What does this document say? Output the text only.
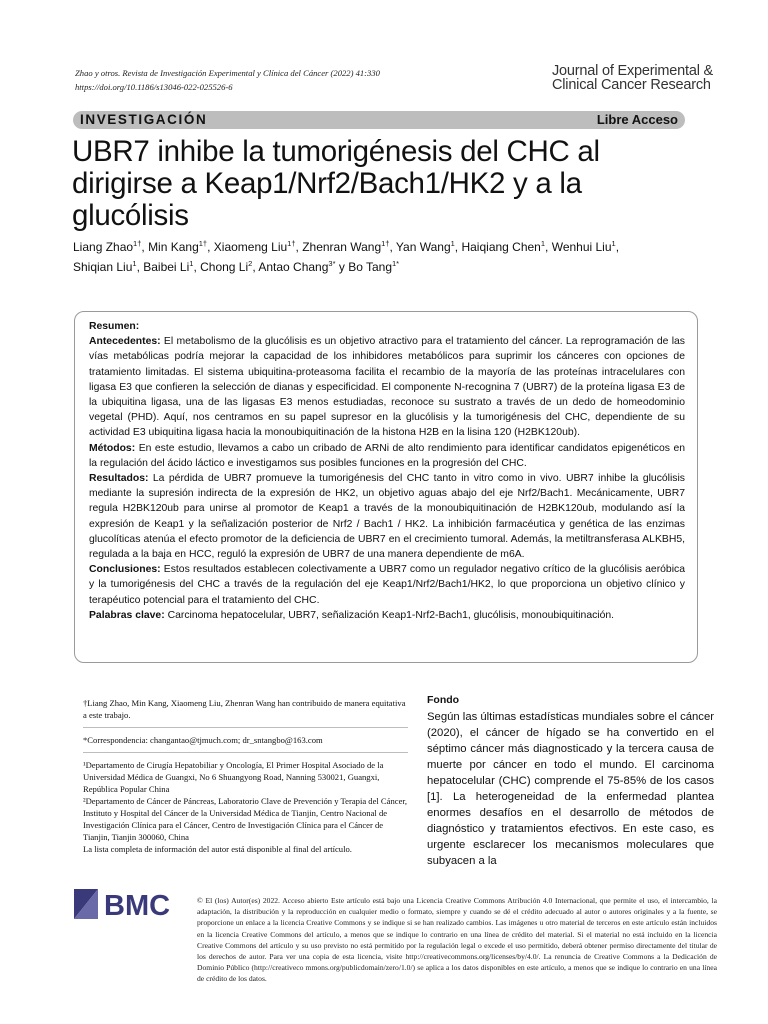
Zhao y otros. Revista de Investigación Experimental y Clínica del Cáncer (2022) 41:330
https://doi.org/10.1186/s13046-022-02552​6-6
Journal of Experimental &
Clinical Cancer Research
INVESTIGACIÓN	Libre Acceso
UBR7 inhibe la tumorigénesis del CHC al dirigirse a Keap1/Nrf2/Bach1/HK2 y a la glucólisis
Liang Zhao$^{1\dagger}$, Min Kang$^{1\dagger}$, Xiaomeng Liu$^{1\dagger}$, Zhenran Wang$^{1\dagger}$, Yan Wang$^1$, Haiqiang Chen$^1$, Wenhui Liu$^1$,
Shiqian Liu$^1$, Baibei Li$^1$, Chong Li$^2$, Antao Chang$^{3*}$ y Bo Tang$^{1*}$

Resumen:

Antecedentes: El metabolismo de la glucólisis es un objetivo atractivo para el tratamiento del cáncer. La reprogramación de las vías metabólicas podría mejorar la capacidad de los inhibidores metabólicos para suprimir los cánceres con opciones de tratamiento limitadas. El sistema ubiquitina-proteasoma facilita el recambio de la mayoría de las proteínas intracelulares con ligasa E3 que confieren la selección de dianas y especificidad. El componente N-recognina 7 (UBR7) de la proteína ligasa E3 de la ubiquitina ligasa, una de las ligasas E3 menos estudiadas, reconoce su sustrato a través de un dedo de homeodominio vegetal (PHD). Aquí, nos centramos en su papel supresor en la glucólisis y la tumorigénesis del CHC, dependiente de su actividad E3 ubiquitina ligasa hacia la monoubiquitinación de la histona H2B en la lisina 120 (H2BK120ub).

Métodos: En este estudio, llevamos a cabo un cribado de ARNi de alto rendimiento para identificar candidatos epigenéticos en la regulación del ácido láctico e investigamos sus posibles funciones en la progresión del CHC.

Resultados: La pérdida de UBR7 promueve la tumorigénesis del CHC tanto in vitro como in vivo. UBR7 inhibe la glucólisis mediante la supresión indirecta de la expresión de HK2, un objetivo aguas abajo del eje Nrf2/Bach1. Mecánicamente, UBR7 regula H2BK120ub para unirse al promotor de Keap1 a través de la monoubiquitinación de H2BK120ub, modulando así la expresión de Keap1 y la señalización posterior de Nrf2 / Bach1 / HK2. La inhibición farmacéutica y genética de las enzimas glucolíticas atenúa el efecto promotor de la deficiencia de UBR7 en el crecimiento tumoral. Además, la metiltransferasa ALKBH5, regulada a la baja en HCC, reguló la expresión de UBR7 de una manera dependiente de m6A.

Conclusiones: Estos resultados establecen colectivamente a UBR7 como un regulador negativo crítico de la glucólisis aeróbica y la tumorigénesis del CHC a través de la regulación del eje Keap1/Nrf2/Bach1/HK2, lo que proporciona un objetivo clínico y terapéutico potencial para el tratamiento del CHC.

Palabras clave: Carcinoma hepatocelular, UBR7, señalización Keap1-Nrf2-Bach1, glucólisis, monoubiquitinación.

†Liang Zhao, Min Kang, Xiaomeng Liu, Zhenran Wang han contribuido de manera equitativa a este trabajo.

*Correspondencia: changantao@tjmuch.com; dr_sntangbo@163.com

¹Departamento de Cirugía Hepatobiliar y Oncología, El Primer Hospital Asociado de la Universidad Médica de Guangxi, No 6 Shuangyong Road, Nanning 530021, Guangxi, República Popular China

²Departamento de Cáncer de Páncreas, Laboratorio Clave de Prevención y Terapia del Cáncer, Instituto y Hospital del Cáncer de la Universidad Médica de Tianjin, Centro Nacional de Investigación Clínica para el Cáncer, Centro de Investigación Clínica para el Cáncer de Tianjin, Tianjin 300060, China

La lista completa de información del autor está disponible al final del artículo.

Fondo

Según las últimas estadísticas mundiales sobre el cáncer (2020), el cáncer de hígado se ha convertido en el séptimo cáncer más diagnosticado y la tercera causa de muerte por cáncer en todo el mundo. El carcinoma hepatocelular (CHC) comprende el 75-85% de los casos [1]. La heterogeneidad de la enfermedad plantea enormes desafíos en el desarrollo de métodos de diagnóstico y tratamientos efectivos. En este caso, es urgente esclarecer los mecanismos moleculares que subyacen a la

BMC	© El (los) Autor(es) 2022. Acceso abierto Este artículo está bajo una Licencia Creative Commons Atribución 4.0 Internacional, que permite el uso, el intercambio, la adaptación, la distribución y la reproducción en cualquier medio o formato, siempre y cuando se dé el crédito adecuado al autor o autores originales y a la fuente, se proporcione un enlace a la licencia Creative Commons y se indique si se han realizado cambios. Las imágenes u otro material de terceros en este artículo están incluidos en la licencia Creative Commons del artículo, a menos que se indique lo contrario en una línea de crédito del material. Si el material no está incluido en la licencia Creative Commons del artículo y su uso previsto no está permitido por la regulación legal o excede el uso permitido, deberá obtener permiso directamente del titular de los derechos de autor. Para ver una copia de esta licencia, visite http://creativecommons.org/licenses/by/4.0/. La renuncia de Creative Commons a la Dedicación de Dominio Público (http://creativeco mmons.org/publicdomain/zero/1.0/) se aplica a los datos disponibles en este artículo, a menos que se indique lo contrario en una línea de crédito de los datos.
